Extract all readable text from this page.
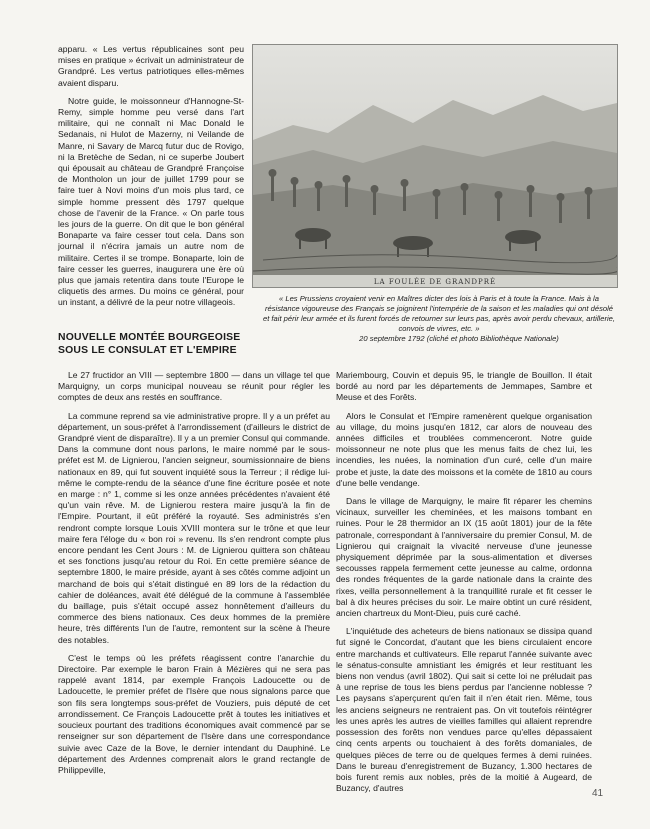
apparu. « Les vertus républicaines sont peu mises en pratique » écrivait un administrateur de Grandpré. Les vertus patriotiques elles-mêmes avaient disparu.

Notre guide, le moissonneur d'Hannogne-St-Remy, simple homme peu versé dans l'art militaire, qui ne connaît ni Mac Donald le Sedanais, ni Hulot de Mazerny, ni Veilande de Manre, ni Savary de Marcq futur duc de Rovigo, ni la Bretèche de Sedan, ni ce superbe Joubert qui épousait au château de Grandpré Françoise de Montholon un jour de juillet 1799 pour se faire tuer à Novi moins d'un mois plus tard, ce simple homme pressent dès 1797 quelque chose de l'avenir de la France. « On parle tous les jours de la guerre. On dit que le bon général Bonaparte va faire cesser tout cela. Dans son journal il n'écrira jamais un autre nom de militaire. Certes il se trompe. Bonaparte, loin de faire cesser les guerres, inaugurera une ère où plus que jamais retentira dans toute l'Europe le cliquetis des armes. Du moins ce général, pour un instant, a délivré de la peur notre villageois.

LA FOULÉE DE GRANDPRÉ
« Les Prussiens croyaient venir en Maîtres dicter des lois à Paris et à toute la France. Mais à la résistance vigoureuse des Français se joignirent l'intempérie de la saison et les maladies qui ont désolé et fait périr leur armée et ils furent forcés de retourner sur leurs pas, après avoir perdu chevaux, artillerie, convois de vivres, etc. »
20 septembre 1792 (cliché et photo Bibliothèque Nationale)
NOUVELLE MONTÉE BOURGEOISE SOUS LE CONSULAT ET L'EMPIRE

Le 27 fructidor an VIII — septembre 1800 — dans un village tel que Marquigny, un corps municipal nouveau se réunit pour régler les comptes de deux ans restés en souffrance.

La commune reprend sa vie administrative propre. Il y a un préfet au département, un sous-préfet à l'arrondissement (d'ailleurs le district de Grandpré vient de disparaître). Il y a un premier Consul qui commande. Dans la commune dont nous parlons, le maire nommé par le sous-préfet est M. de Lignierou, l'ancien seigneur, soumissionnaire de biens nationaux en 89, qui fut souvent inquiété sous la Terreur ; il rédige lui-même le compte-rendu de la séance d'une fine écriture posée et note en marge : n° 1, comme si les onze années précédentes n'avaient été qu'un vain rêve. M. de Lignierou restera maire jusqu'à la fin de l'Empire. Pourtant, il eût préféré la royauté. Ses administrés s'en rendront compte lorsque Louis XVIII montera sur le trône et que leur maire fera l'éloge du « bon roi » revenu. Ils s'en rendront compte plus encore pendant les Cent Jours : M. de Lignierou quittera son château et ses fonctions jusqu'au retour du Roi. En cette première séance de septembre 1800, le maire préside, ayant à ses côtés comme adjoint un marchand de bois qui s'était distingué en 89 lors de la rédaction du cahier de doléances, avait été délégué de la commune à l'assemblée du baillage, puis s'était occupé assez honnêtement d'ailleurs du commerce des biens nationaux. Ces deux hommes de la première heure, très différents l'un de l'autre, remontent sur la scène à l'heure des notables.

C'est le temps où les préfets réagissent contre l'anarchie du Directoire. Par exemple le baron Frain à Mézières qui ne sera pas rappelé avant 1814, par exemple François Ladoucette ou de Ladoucette, le premier préfet de l'Isère que nous signalons parce que son fils sera longtemps sous-préfet de Vouziers, puis député de cet arrondissement. Ce François Ladoucette prêt à toutes les initiatives et soucieux pourtant des traditions économiques avait commencé par se renseigner sur son département de l'Isère dans une correspondance suivie avec Caze de la Bove, le dernier intendant du Dauphiné. Le département des Ardennes comprenait alors le grand rectangle de Philippeville,

Mariembourg, Couvin et depuis 95, le triangle de Bouillon. Il était bordé au nord par les départements de Jemmapes, Sambre et Meuse et des Forêts.

Alors le Consulat et l'Empire ramenèrent quelque organisation au village, du moins jusqu'en 1812, car alors de nouveau des années difficiles et troublées commenceront. Notre guide moissonneur ne note plus que les menus faits de chez lui, les incendies, les nuées, la nomination d'un curé, celle d'un maire probe et juste, la date des moissons et la comète de 1810 au cours d'une belle vendange.

Dans le village de Marquigny, le maire fit réparer les chemins vicinaux, surveiller les cheminées, et les maisons tombant en ruines. Pour le 28 thermidor an IX (15 août 1801) jour de la fête patronale, correspondant à l'anniversaire du premier Consul, M. de Lignierou qui craignait la vivacité nerveuse d'une jeunesse physiquement déprimée par la sous-alimentation et diverses secousses rappela fermement cette jeunesse au calme, ordonna des rondes fréquentes de la garde nationale dans la crainte des rixes, veilla personnellement à la tranquillité rurale et fit cesser le bal à dix heures précises du soir. Le maire obtint un curé résident, ancien chartreux du Mont-Dieu, puis curé caché.

L'inquiétude des acheteurs de biens nationaux se dissipa quand fut signé le Concordat, d'autant que les biens circulaient encore entre marchands et cultivateurs. Elle reparut l'année suivante avec le sénatus-consulte amnistiant les émigrés et leur restituant les biens non vendus (avril 1802). Qui sait si cette loi ne préludait pas à une reprise de tous les biens perdus par l'ancienne noblesse ? Les paysans s'aperçurent qu'en fait il n'en était rien. Même, tous les anciens seigneurs ne rentraient pas. On vit toutefois réintégrer les unes après les autres de vieilles familles qui allaient reprendre possession des forêts non vendues parce qu'elles dépassaient cinq cents arpents ou touchaient à des forêts domaniales, de quelques pièces de terre ou de quelques fermes à demi ruinées. Dans le bureau d'enregistrement de Buzancy, 1.300 hectares de bois furent remis aux nobles, près de la moitié à Augeard, de Buzancy, d'autres	41
